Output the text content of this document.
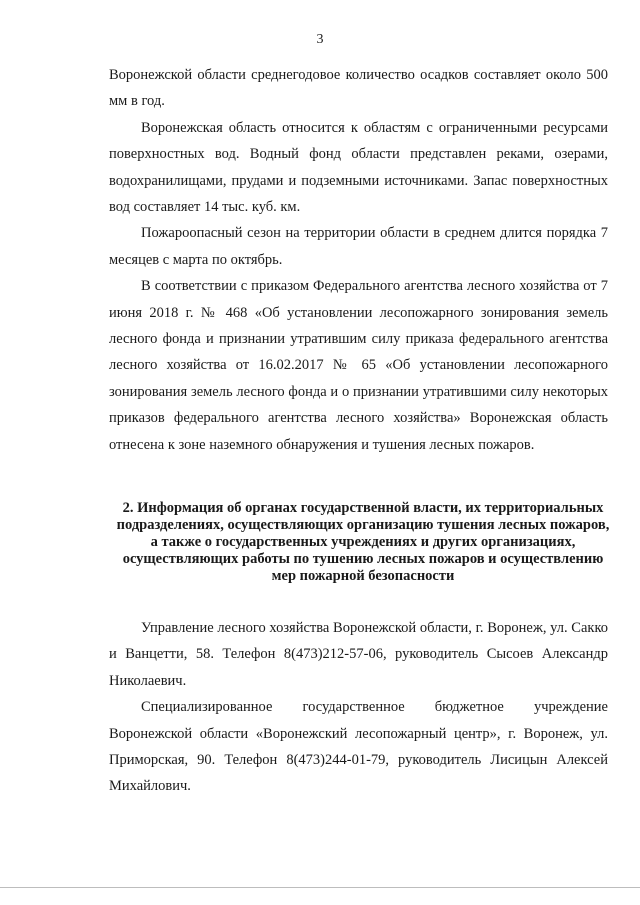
3

Воронежской области среднегодовое количество осадков составляет около 500 мм в год.

Воронежская область относится к областям с ограниченными ресурсами поверхностных вод. Водный фонд области представлен реками, озерами, водохранилищами, прудами и подземными источниками. Запас поверхностных вод составляет 14 тыс. куб. км.

Пожароопасный сезон на территории области в среднем длится порядка 7 месяцев с марта по октябрь.

В соответствии с приказом Федерального агентства лесного хозяйства от 7 июня 2018 г. № 468 «Об установлении лесопожарного зонирования земель лесного фонда и признании утратившим силу приказа федерального агентства лесного хозяйства от 16.02.2017 № 65 «Об установлении лесопожарного зонирования земель лесного фонда и о признании утратившими силу некоторых приказов федерального агентства лесного хозяйства» Воронежская область отнесена к зоне наземного обнаружения и тушения лесных пожаров.

2. Информация об органах государственной власти, их территориальных подразделениях, осуществляющих организацию тушения лесных пожаров, а также о государственных учреждениях и других организациях, осуществляющих работы по тушению лесных пожаров и осуществлению мер пожарной безопасности

Управление лесного хозяйства Воронежской области, г. Воронеж, ул. Сакко и Ванцетти, 58. Телефон 8(473)212-57-06, руководитель Сысоев Александр Николаевич.

Специализированное государственное бюджетное учреждение Воронежской области «Воронежский лесопожарный центр», г. Воронеж, ул. Приморская, 90. Телефон 8(473)244-01-79, руководитель Лисицын Алексей Михайлович.
